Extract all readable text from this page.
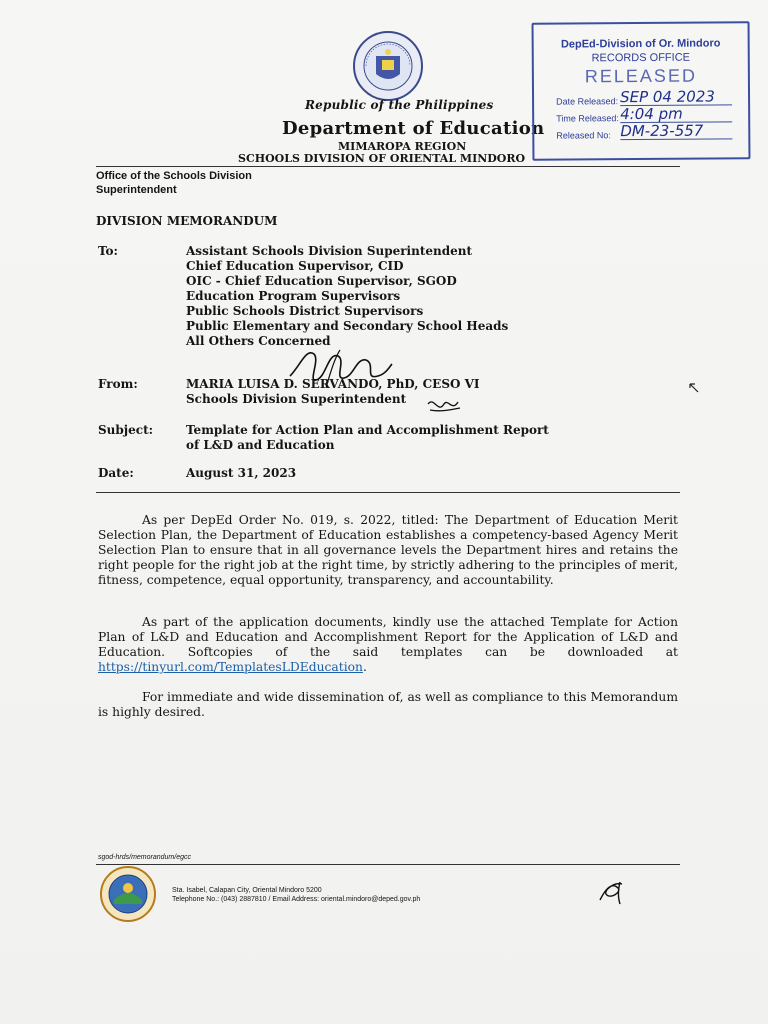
Republic of the Philippines
Department of Education
MIMAROPA REGION
SCHOOLS DIVISION OF ORIENTAL MINDORO
DepEd-Division of Or. Mindoro
RECORDS OFFICE
RELEASED
Date Released: SEP 04 2023
Time Released: 4:04 pm
Released No: DM-23-557
Office of the Schools Division Superintendent
DIVISION MEMORANDUM
To:	Assistant Schools Division Superintendent
Chief Education Supervisor, CID
OIC - Chief Education Supervisor, SGOD
Education Program Supervisors
Public Schools District Supervisors
Public Elementary and Secondary School Heads
All Others Concerned
From:	MARIA LUISA D. SERVANDO, PhD, CESO VI
Schools Division Superintendent
Subject:	Template for Action Plan and Accomplishment Report
of L&D and Education
Date:	August 31, 2023

As per DepEd Order No. 019, s. 2022, titled: The Department of Education Merit Selection Plan, the Department of Education establishes a competency-based Agency Merit Selection Plan to ensure that in all governance levels the Department hires and retains the right people for the right job at the right time, by strictly adhering to the principles of merit, fitness, competence, equal opportunity, transparency, and accountability.

As part of the application documents, kindly use the attached Template for Action Plan of L&D and Education and Accomplishment Report for the Application of L&D and Education. Softcopies of the said templates can be downloaded at https://tinyurl.com/TemplatesLDEducation.

For immediate and wide dissemination of, as well as compliance to this Memorandum is highly desired.

sgod-hrds/memorandum/egcc
Sta. Isabel, Calapan City, Oriental Mindoro 5200
Telephone No.: (043) 2887810 / Email Address: oriental.mindoro@deped.gov.ph
